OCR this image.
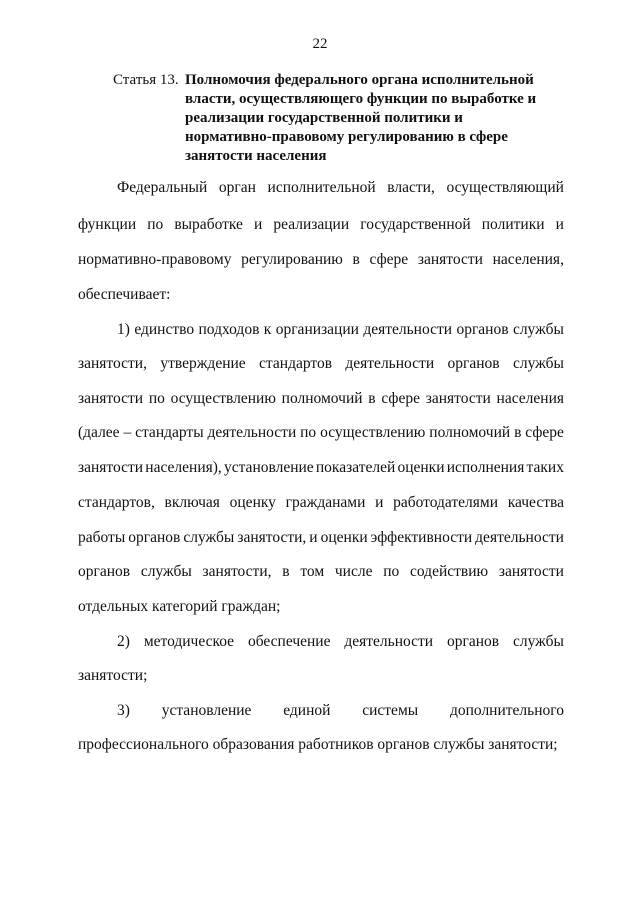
22
Статья 13. Полномочия федерального органа исполнительной
власти, осуществляющего функции по выработке и
реализации государственной политики и
нормативно-правовому регулированию в сфере
занятости населения
Федеральный орган исполнительной власти, осуществляющий
функции по выработке и реализации государственной политики и
нормативно-правовому регулированию в сфере занятости населения,
обеспечивает:
1) единство подходов к организации деятельности органов службы
занятости, утверждение стандартов деятельности органов службы
занятости по осуществлению полномочий в сфере занятости населения
(далее – стандарты деятельности по осуществлению полномочий в сфере
занятости населения), установление показателей оценки исполнения таких
стандартов, включая оценку гражданами и работодателями качества
работы органов службы занятости, и оценки эффективности деятельности
органов службы занятости, в том числе по содействию занятости
отдельных категорий граждан;
2) методическое обеспечение деятельности органов службы
занятости;
3) установление единой системы дополнительного
профессионального образования работников органов службы занятости;
